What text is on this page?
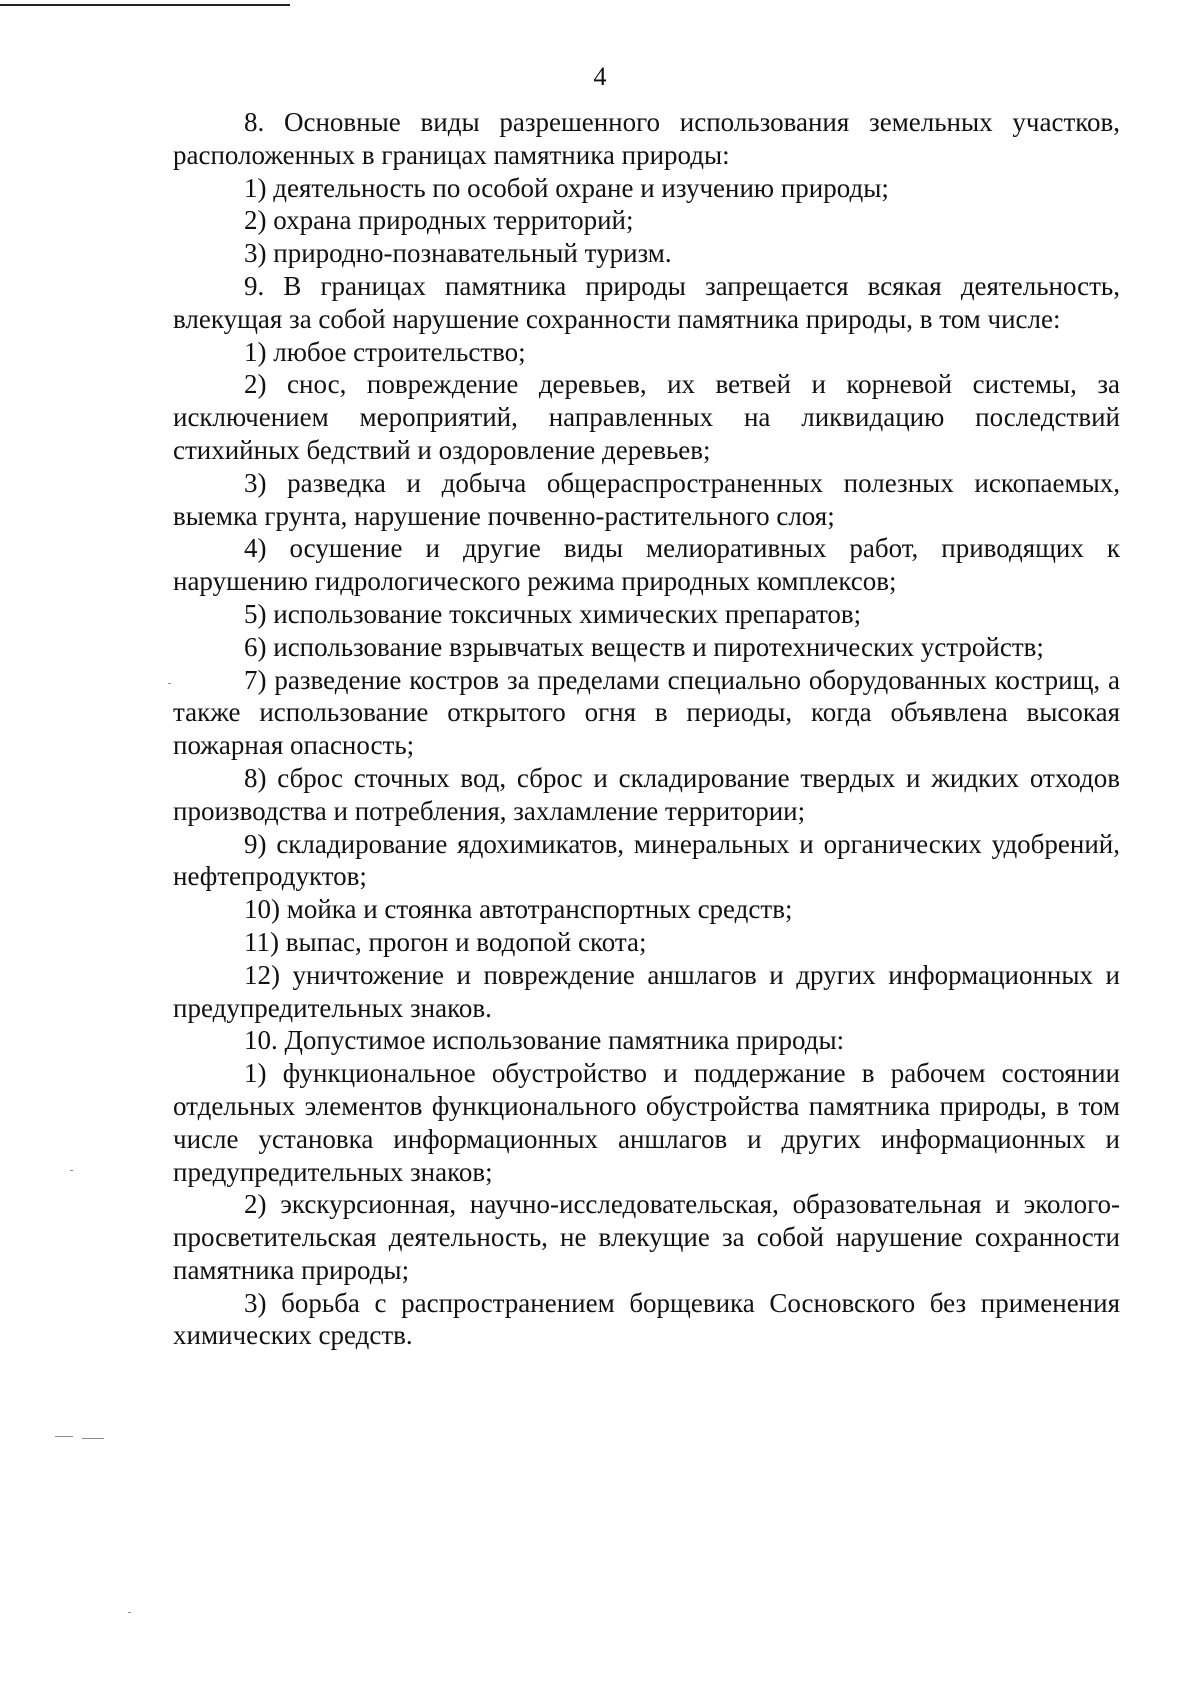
4

8. Основные виды разрешенного использования земельных участков, расположенных в границах памятника природы:

1) деятельность по особой охране и изучению природы;

2) охрана природных территорий;

3) природно-познавательный туризм.

9. В границах памятника природы запрещается всякая деятельность, влекущая за собой нарушение сохранности памятника природы, в том числе:

1) любое строительство;

2) снос, повреждение деревьев, их ветвей и корневой системы, за исключением мероприятий, направленных на ликвидацию последствий стихийных бедствий и оздоровление деревьев;

3) разведка и добыча общераспространенных полезных ископаемых, выемка грунта, нарушение почвенно-растительного слоя;

4) осушение и другие виды мелиоративных работ, приводящих к нарушению гидрологического режима природных комплексов;

5) использование токсичных химических препаратов;

6) использование взрывчатых веществ и пиротехнических устройств;

7) разведение костров за пределами специально оборудованных кострищ, а также использование открытого огня в периоды, когда объявлена высокая пожарная опасность;

8) сброс сточных вод, сброс и складирование твердых и жидких отходов производства и потребления, захламление территории;

9) складирование ядохимикатов, минеральных и органических удобрений, нефтепродуктов;

10) мойка и стоянка автотранспортных средств;

11) выпас, прогон и водопой скота;

12) уничтожение и повреждение аншлагов и других информационных и предупредительных знаков.

10. Допустимое использование памятника природы:

1) функциональное обустройство и поддержание в рабочем состоянии отдельных элементов функционального обустройства памятника природы, в том числе установка информационных аншлагов и других информационных и предупредительных знаков;

2) экскурсионная, научно-исследовательская, образовательная и эколого-просветительская деятельность, не влекущие за собой нарушение сохранности памятника природы;

3) борьба с распространением борщевика Сосновского без применения химических средств.
